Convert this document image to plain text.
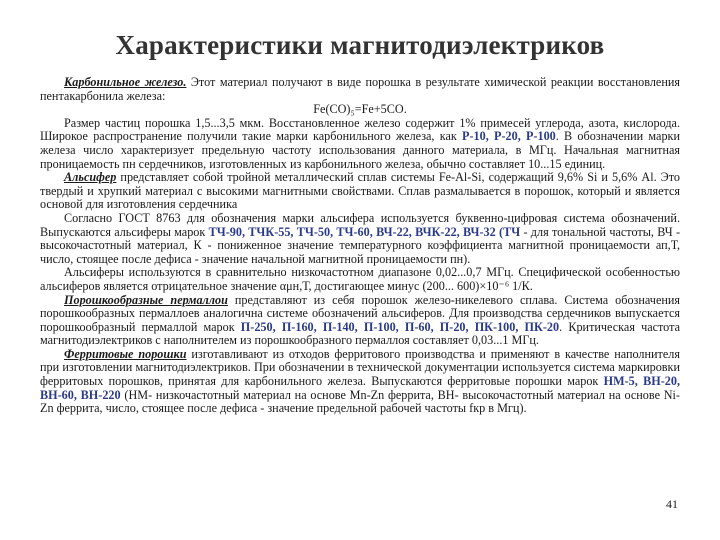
Характеристики магнитодиэлектриков

Карбонильное железо. Этот материал получают в виде порошка в результате химической реакции восстановления пентакарбонила железа:

Fe(CO)₅=Fe+5CO.

Размер частиц порошка 1,5...3,5 мкм. Восстановленное железо содержит 1% примесей углерода, азота, кислорода. Широкое распространение получили такие марки карбонильного железа, как Р-10, Р-20, Р-100. В обозначении марки железа число характеризует предельную частоту использования данного материала, в МГц. Начальная магнитная проницаемость пн сердечников, изготовленных из карбонильного железа, обычно составляет 10...15 единиц.

Альсифер представляет собой тройной металлический сплав системы Fe-Al-Si, содержащий 9,6% Si и 5,6% Al. Это твердый и хрупкий материал с высокими магнитными свойствами. Сплав размалывается в порошок, который и является основой для изготовления сердечника

Согласно ГОСТ 8763 для обозначения марки альсифера используется буквенно-цифровая система обозначений. Выпускаются альсиферы марок ТЧ-90, ТЧК-55, ТЧ-50, ТЧ-60, ВЧ-22, ВЧК-22, ВЧ-32 (ТЧ - для тональной частоты, ВЧ - высокочастотный материал, К - пониженное значение температурного коэффициента магнитной проницаемости ап,Т, число, стоящее после дефиса - значение начальной магнитной проницаемости пн).

Альсиферы используются в сравнительно низкочастотном диапазоне 0,02...0,7 МГц. Специфической особенностью альсиферов является отрицательное значение αμн,Т, достигающее минус (200... 600)×10⁻⁶ 1/К.

Порошкообразные пермаллои представляют из себя порошок железо-никелевого сплава. Система обозначения порошкообразных пермаллоев аналогична системе обозначений альсиферов. Для производства сердечников выпускается порошкообразный пермаллой марок П-250, П-160, П-140, П-100, П-60, П-20, ПК-100, ПК-20. Критическая частота магнитодиэлектриков с наполнителем из порошкообразного пермаллоя составляет 0,03...1 МГц.

Ферритовые порошки изготавливают из отходов ферритового производства и применяют в качестве наполнителя при изготовлении магнитодиэлектриков. При обозначении в технической документации используется система маркировки ферритовых порошков, принятая для карбонильного железа. Выпускаются ферритовые порошки марок НМ-5, ВН-20, ВН-60, ВН-220 (НМ- низкочастотный материал на основе Mn-Zn феррита, ВН- высокочастотный материал на основе Ni-Zn феррита, число, стоящее после дефиса - значение предельной рабочей частоты fкр в Мгц).

41
